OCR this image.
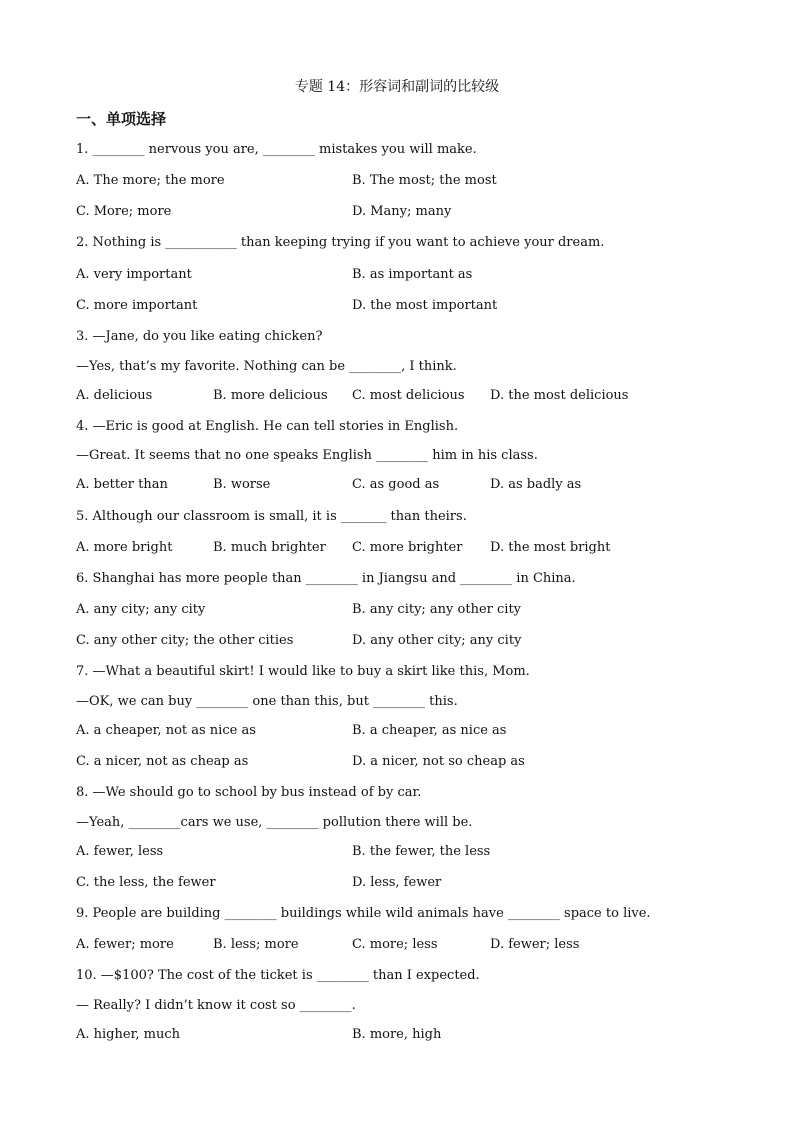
专题 14：形容词和副词的比较级
一、单项选择
1. ________ nervous you are, ________ mistakes you will make.
A. The more; the more	B. The most; the most
C. More; more	D. Many; many
2. Nothing is ___________ than keeping trying if you want to achieve your dream.
A. very important	B. as important as
C. more important	D. the most important
3. —Jane, do you like eating chicken?
—Yes, that’s my favorite. Nothing can be ________, I think.
A. delicious	B. more delicious C. most delicious D. the most delicious
4. —Eric is good at English. He can tell stories in English.
—Great. It seems that no one speaks English ________ him in his class.
A. better than	B. worse	C. as good as	D. as badly as
5. Although our classroom is small, it is _______ than theirs.
A. more bright	B. much brighter C. more brighter D. the most bright
6. Shanghai has more people than ________ in Jiangsu and ________ in China.
A. any city; any city	B. any city; any other city
C. any other city; the other cities	D. any other city; any city
7. —What a beautiful skirt! I would like to buy a skirt like this, Mom.
—OK, we can buy ________ one than this, but ________ this.
A. a cheaper, not as nice as	B. a cheaper, as nice as
C. a nicer, not as cheap as	D. a nicer, not so cheap as
8. —We should go to school by bus instead of by car.
—Yeah, ________cars we use, ________ pollution there will be.
A. fewer, less	B. the fewer, the less
C. the less, the fewer	D. less, fewer
9. People are building ________ buildings while wild animals have ________ space to live.
A. fewer; more	B. less; more	C. more; less	D. fewer; less
10. —$100? The cost of the ticket is ________ than I expected.
— Really? I didn’t know it cost so ________.
A. higher, much	B. more, high
